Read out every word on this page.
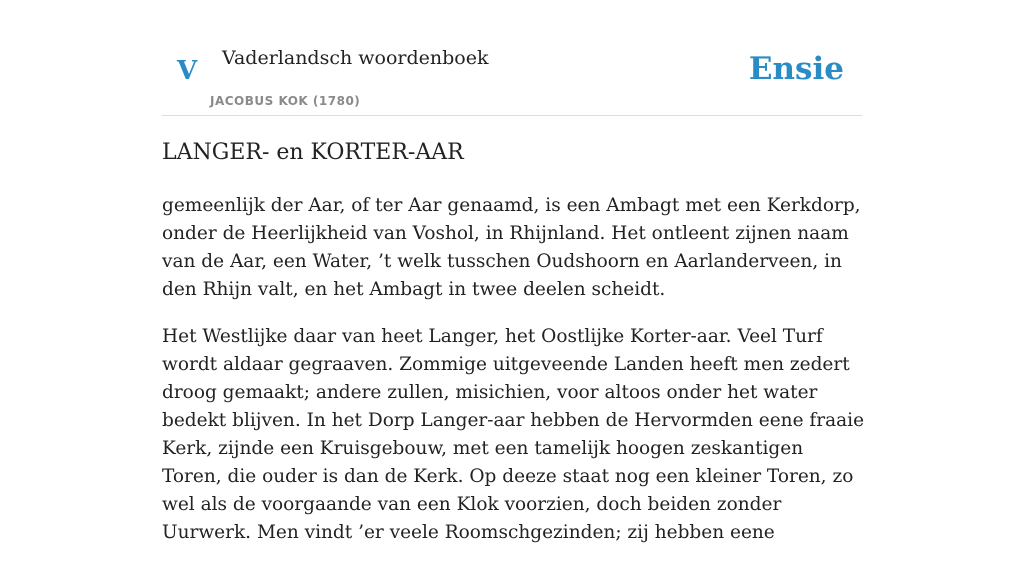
V Vaderlandsch woordenboek
JACOBUS KOK (1780)
Ensie
LANGER- en KORTER-AAR

gemeenlijk der Aar, of ter Aar genaamd, is een Ambagt met een Kerkdorp, onder de Heerlijkheid van Voshol, in Rhijnland. Het ontleent zijnen naam van de Aar, een Water, ’t welk tusschen Oudshoorn en Aarlanderveen, in den Rhijn valt, en het Ambagt in twee deelen scheidt.

Het Westlijke daar van heet Langer, het Oostlijke Korter-aar. Veel Turf wordt aldaar gegraaven. Zommige uitgeveende Landen heeft men zedert droog gemaakt; andere zullen, misichien, voor altoos onder het water bedekt blijven. In het Dorp Langer-aar hebben de Hervormden eene fraaie Kerk, zijnde een Kruisgebouw, met een tamelijk hoogen zeskantigen Toren, die ouder is dan de Kerk. Op deeze staat nog een kleiner Toren, zo wel als de voorgaande van een Klok voorzien, doch beiden zonder Uurwerk. Men vindt ’er veele Roomschgezinden; zij hebben eene
